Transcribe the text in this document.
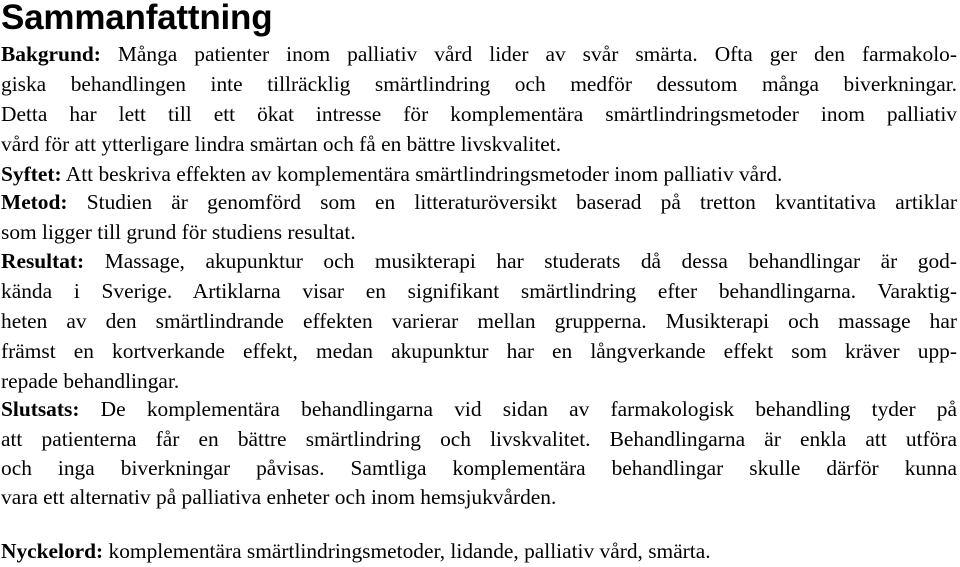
Sammanfattning
Bakgrund: Många patienter inom palliativ vård lider av svår smärta. Ofta ger den farmakolo-
giska behandlingen inte tillräcklig smärtlindring och medför dessutom många biverkningar.
Detta har lett till ett ökat intresse för komplementära smärtlindringsmetoder inom palliativ
vård för att ytterligare lindra smärtan och få en bättre livskvalitet.
Syftet: Att beskriva effekten av komplementära smärtlindringsmetoder inom palliativ vård.
Metod: Studien är genomförd som en litteraturöversikt baserad på tretton kvantitativa artiklar
som ligger till grund för studiens resultat.
Resultat: Massage, akupunktur och musikterapi har studerats då dessa behandlingar är god-
kända i Sverige. Artiklarna visar en signifikant smärtlindring efter behandlingarna. Varaktig-
heten av den smärtlindrande effekten varierar mellan grupperna. Musikterapi och massage har
främst en kortverkande effekt, medan akupunktur har en långverkande effekt som kräver upp-
repade behandlingar.
Slutsats: De komplementära behandlingarna vid sidan av farmakologisk behandling tyder på
att patienterna får en bättre smärtlindring och livskvalitet. Behandlingarna är enkla att utföra
och inga biverkningar påvisas. Samtliga komplementära behandlingar skulle därför kunna
vara ett alternativ på palliativa enheter och inom hemsjukvården.
Nyckelord: komplementära smärtlindringsmetoder, lidande, palliativ vård, smärta.
